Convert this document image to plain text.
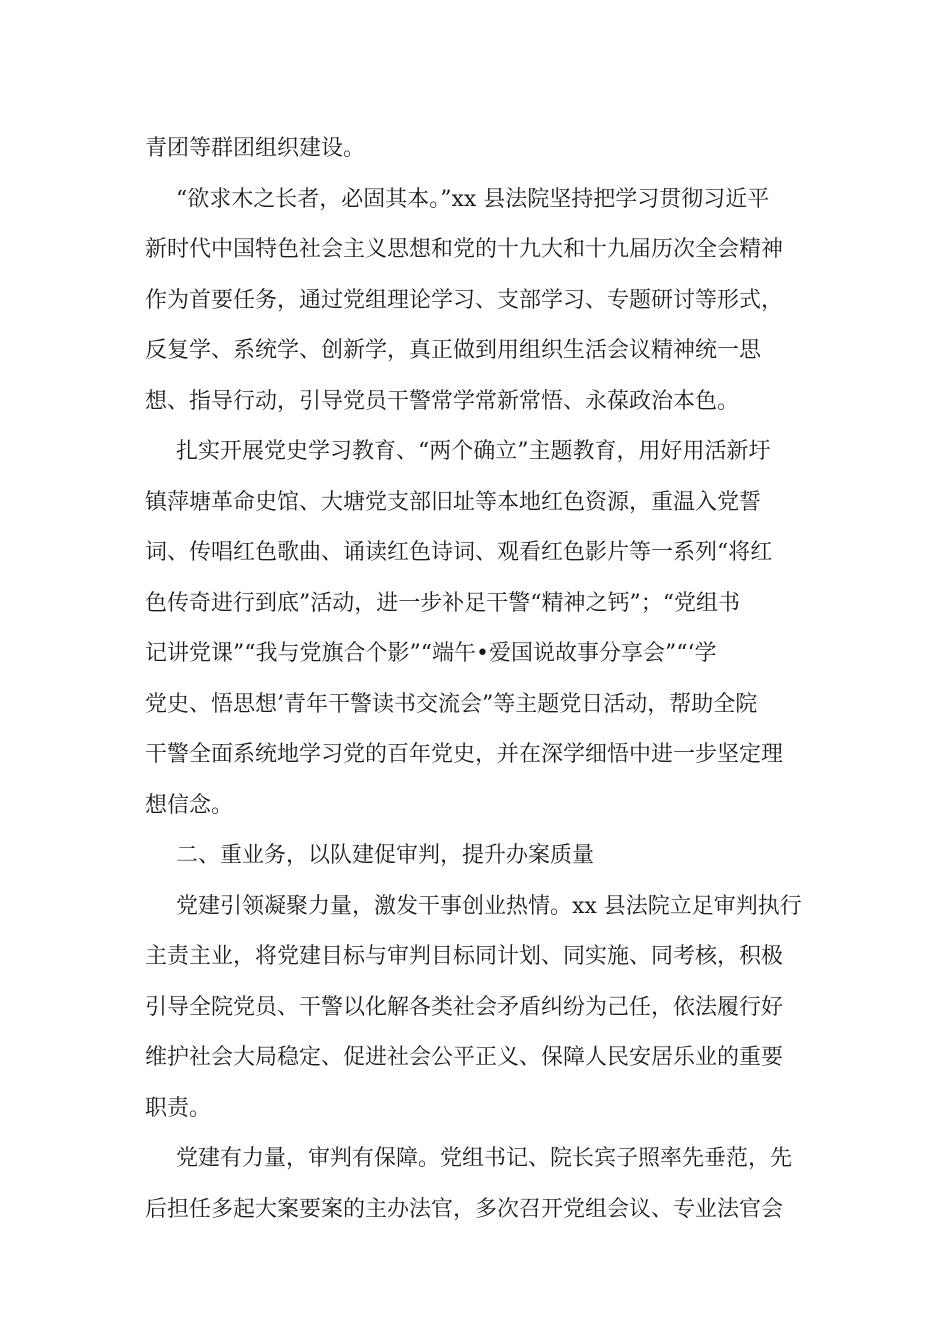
青团等群团组织建设。
“欲求木之长者，必固其本。”xx 县法院坚持把学习贯彻习近平
新时代中国特色社会主义思想和党的十九大和十九届历次全会精神
作为首要任务，通过党组理论学习、支部学习、专题研讨等形式，
反复学、系统学、创新学，真正做到用组织生活会议精神统一思
想、指导行动，引导党员干警常学常新常悟、永葆政治本色。
扎实开展党史学习教育、“两个确立”主题教育，用好用活新圩
镇萍塘革命史馆、大塘党支部旧址等本地红色资源，重温入党誓
词、传唱红色歌曲、诵读红色诗词、观看红色影片等一系列“将红
色传奇进行到底”活动，进一步补足干警“精神之钙”；“党组书
记讲党课”“我与党旗合个影”“端午•爱国说故事分享会”“‘学
党史、悟思想’青年干警读书交流会”等主题党日活动，帮助全院
干警全面系统地学习党的百年党史，并在深学细悟中进一步坚定理
想信念。
二、重业务，以队建促审判，提升办案质量
党建引领凝聚力量，激发干事创业热情。xx 县法院立足审判执行
主责主业，将党建目标与审判目标同计划、同实施、同考核，积极
引导全院党员、干警以化解各类社会矛盾纠纷为己任，依法履行好
维护社会大局稳定、促进社会公平正义、保障人民安居乐业的重要
职责。
党建有力量，审判有保障。党组书记、院长宾子照率先垂范，先
后担任多起大案要案的主办法官，多次召开党组会议、专业法官会
